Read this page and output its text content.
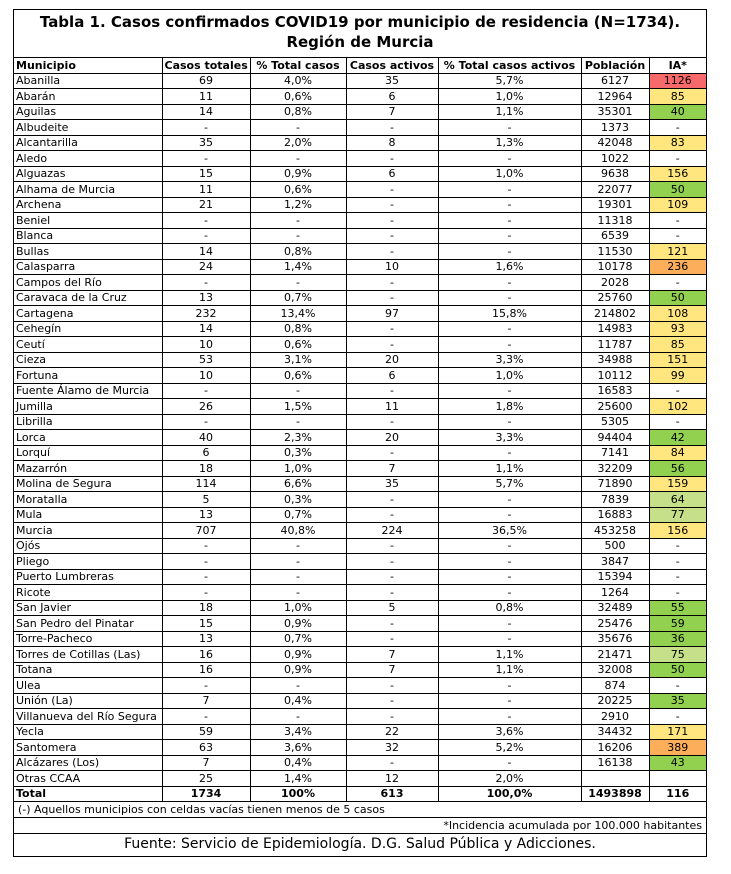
Tabla 1. Casos confirmados COVID19 por municipio de residencia (N=1734).
Región de Murcia
Municipio	Casos totales	% Total casos	Casos activos	% Total casos activos	Población	IA*
Abanilla	69	4,0%	35	5,7%	6127	1126
Abarán	11	0,6%	6	1,0%	12964	85
Aguilas	14	0,8%	7	1,1%	35301	40
Albudeite	-	-	-	-	1373	-
Alcantarilla	35	2,0%	8	1,3%	42048	83
Aledo	-	-	-	-	1022	-
Alguazas	15	0,9%	6	1,0%	9638	156
Alhama de Murcia	11	0,6%	-	-	22077	50
Archena	21	1,2%	-	-	19301	109
Beniel	-	-	-	-	11318	-
Blanca	-	-	-	-	6539	-
Bullas	14	0,8%	-	-	11530	121
Calasparra	24	1,4%	10	1,6%	10178	236
Campos del Río	-	-	-	-	2028	-
Caravaca de la Cruz	13	0,7%	-	-	25760	50
Cartagena	232	13,4%	97	15,8%	214802	108
Cehegín	14	0,8%	-	-	14983	93
Ceutí	10	0,6%	-	-	11787	85
Cieza	53	3,1%	20	3,3%	34988	151
Fortuna	10	0,6%	6	1,0%	10112	99
Fuente Álamo de Murcia	-	-	-	-	16583	-
Jumilla	26	1,5%	11	1,8%	25600	102
Librilla	-	-	-	-	5305	-
Lorca	40	2,3%	20	3,3%	94404	42
Lorquí	6	0,3%	-	-	7141	84
Mazarrón	18	1,0%	7	1,1%	32209	56
Molina de Segura	114	6,6%	35	5,7%	71890	159
Moratalla	5	0,3%	-	-	7839	64
Mula	13	0,7%	-	-	16883	77
Murcia	707	40,8%	224	36,5%	453258	156
Ojós	-	-	-	-	500	-
Pliego	-	-	-	-	3847	-
Puerto Lumbreras	-	-	-	-	15394	-
Ricote	-	-	-	-	1264	-
San Javier	18	1,0%	5	0,8%	32489	55
San Pedro del Pinatar	15	0,9%	-	-	25476	59
Torre-Pacheco	13	0,7%	-	-	35676	36
Torres de Cotillas (Las)	16	0,9%	7	1,1%	21471	75
Totana	16	0,9%	7	1,1%	32008	50
Ulea	-	-	-	-	874	-
Unión (La)	7	0,4%	-	-	20225	35
Villanueva del Río Segura	-	-	-	-	2910	-
Yecla	59	3,4%	22	3,6%	34432	171
Santomera	63	3,6%	32	5,2%	16206	389
Alcázares (Los)	7	0,4%	-	-	16138	43
Otras CCAA	25	1,4%	12	2,0%		
Total	1734	100%	613	100,0%	1493898	116
(-) Aquellos municipios con celdas vacías tienen menos de 5 casos
*Incidencia acumulada por 100.000 habitantes
Fuente: Servicio de Epidemiología. D.G. Salud Pública y Adicciones.
